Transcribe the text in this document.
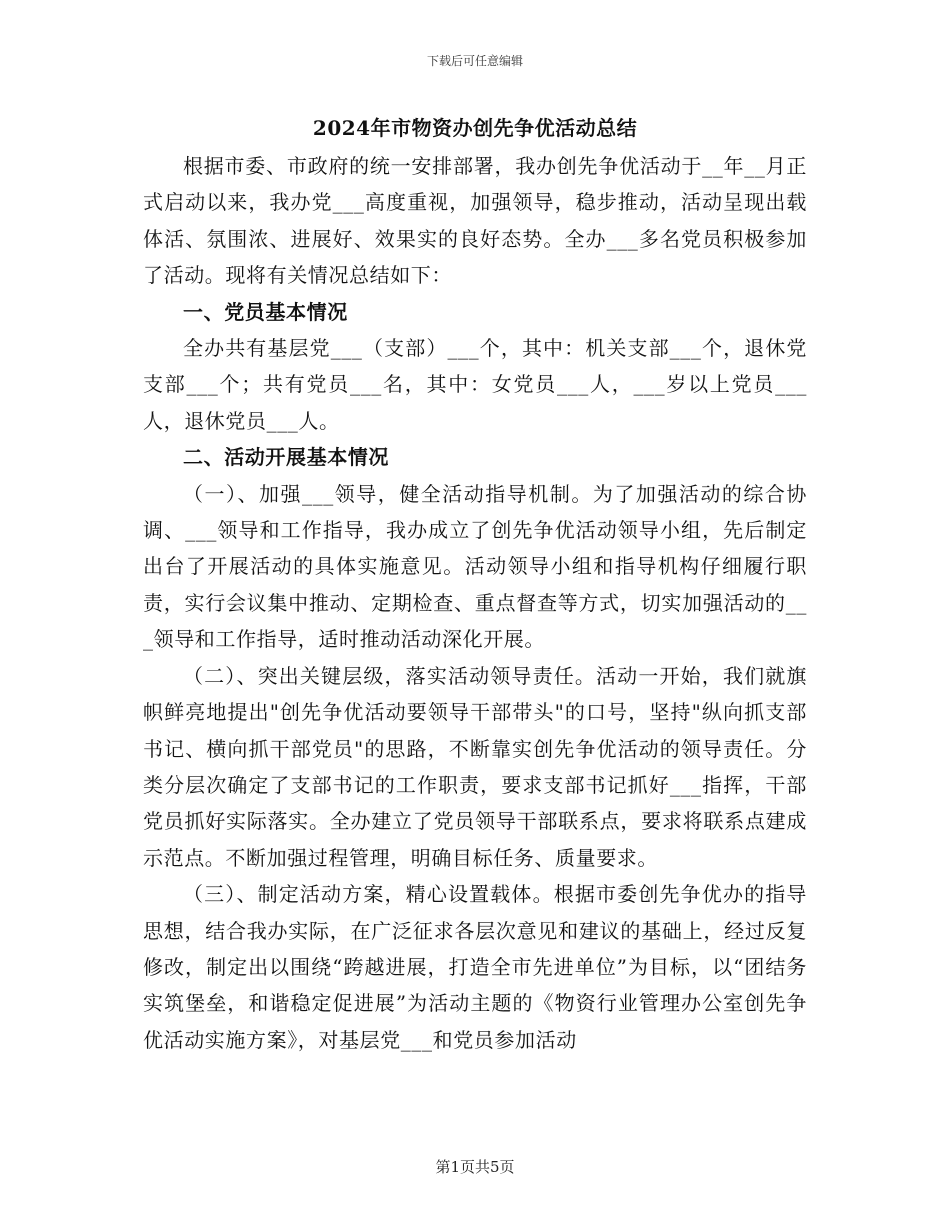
下载后可任意编辑
2024年市物资办创先争优活动总结

根据市委、市政府的统一安排部署，我办创先争优活动于__年__月正式启动以来，我办党___高度重视，加强领导，稳步推动，活动呈现出载体活、氛围浓、进展好、效果实的良好态势。全办___多名党员积极参加了活动。现将有关情况总结如下：

一、党员基本情况

全办共有基层党___（支部）___个，其中：机关支部___个，退休党支部___个；共有党员___名，其中：女党员___人，___岁以上党员___人，退休党员___人。

二、活动开展基本情况

（一）、加强___领导，健全活动指导机制。为了加强活动的综合协调、___领导和工作指导，我办成立了创先争优活动领导小组，先后制定出台了开展活动的具体实施意见。活动领导小组和指导机构仔细履行职责，实行会议集中推动、定期检查、重点督查等方式，切实加强活动的___领导和工作指导，适时推动活动深化开展。

（二）、突出关键层级，落实活动领导责任。活动一开始，我们就旗帜鲜亮地提出"创先争优活动要领导干部带头"的口号，坚持"纵向抓支部书记、横向抓干部党员"的思路，不断靠实创先争优活动的领导责任。分类分层次确定了支部书记的工作职责，要求支部书记抓好___指挥，干部党员抓好实际落实。全办建立了党员领导干部联系点，要求将联系点建成示范点。不断加强过程管理，明确目标任务、质量要求。

（三）、制定活动方案，精心设置载体。根据市委创先争优办的指导思想，结合我办实际，在广泛征求各层次意见和建议的基础上，经过反复修改，制定出以围绕“跨越进展，打造全市先进单位”为目标，以“团结务实筑堡垒，和谐稳定促进展”为活动主题的《物资行业管理办公室创先争优活动实施方案》，对基层党___和党员参加活动

第1页共5页
